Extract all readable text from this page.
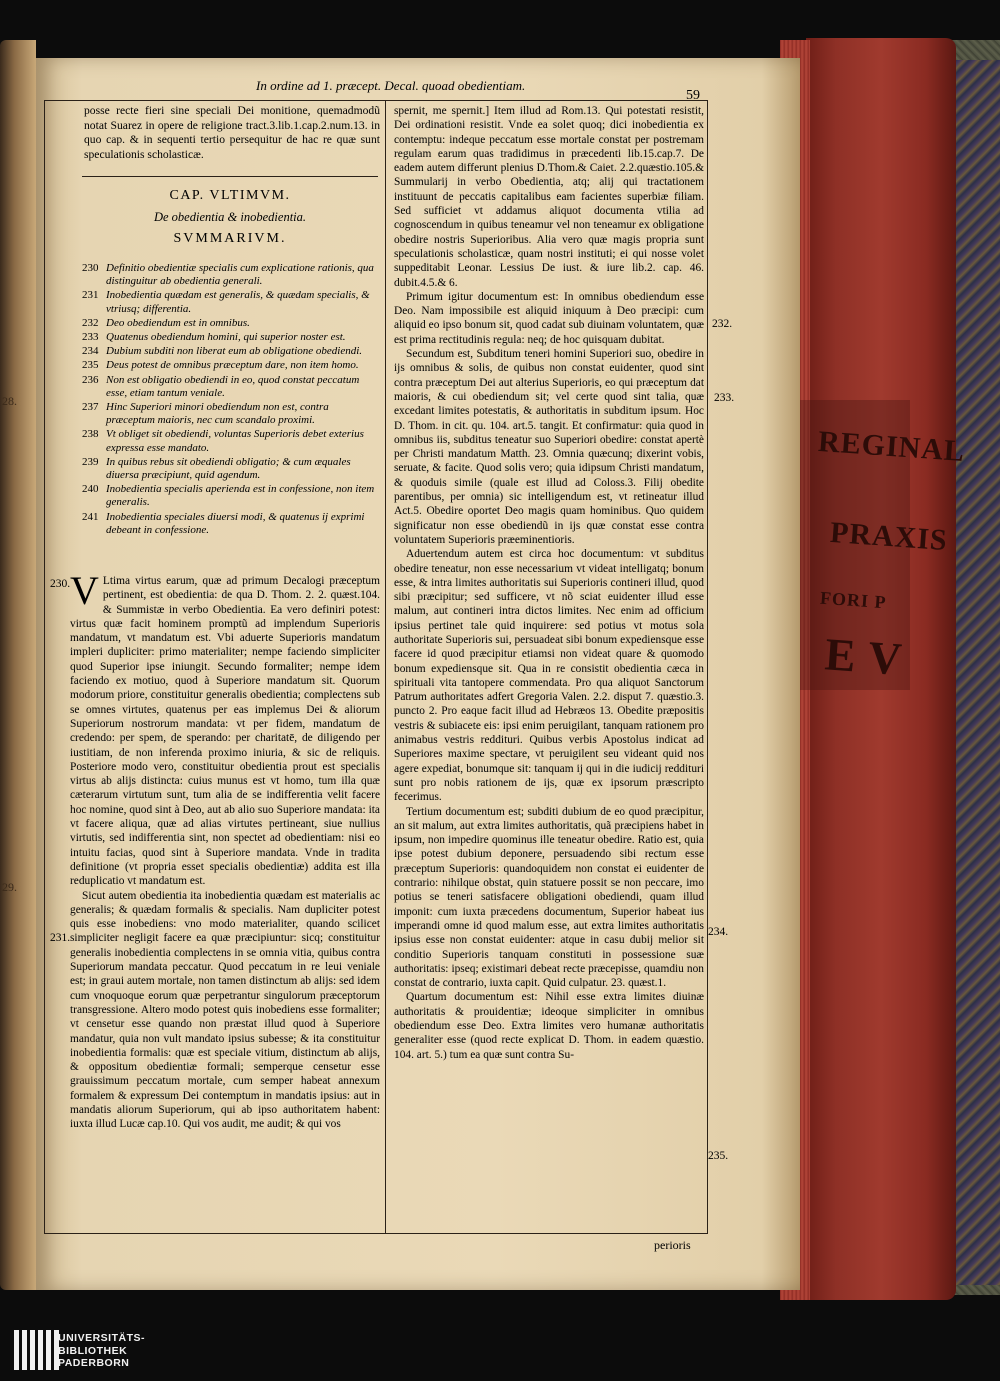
28.
29.
REGINAL
PRAXIS
FORI P
E V
In ordine ad 1. præcept. Decal. quoad obedientiam.
59

posse recte fieri sine speciali Dei monitione, quemadmodũ notat Suarez in opere de religione tract.3.lib.1.cap.2.num.13. in quo cap. & in sequenti tertio persequitur de hac re quæ sunt speculationis scholasticæ.

CAP. VLTIMVM.
De obedientia & inobedientia.
SVMMARIVM.
230 Definitio obedientiæ specialis cum explicatione rationis, qua distinguitur ab obedientia generali.
231 Inobedientia quædam est generalis, & quædam specialis, & vtriusq; differentia.
232 Deo obediendum est in omnibus.
233 Quatenus obediendum homini, qui superior noster est.
234 Dubium subditi non liberat eum ab obligatione obediendi.
235 Deus potest de omnibus præceptum dare, non item homo.
236 Non est obligatio obediendi in eo, quod constat peccatum esse, etiam tantum veniale.
237 Hinc Superiori minori obediendum non est, contra præceptum maioris, nec cum scandalo proximi.
238 Vt obliget sit obediendi, voluntas Superioris debet exterius expressa esse mandato.
239 In quibus rebus sit obediendi obligatio; & cum æquales diuersa præcipiunt, quid agendum.
240 Inobedientia specialis aperienda est in confessione, non item generalis.
241 Inobedientia speciales diuersi modi, & quatenus ij exprimi debeant in confessione.

V Ltima virtus earum, quæ ad primum Decalogi præceptum pertinent, est obedientia: de qua D. Thom. 2. 2. quæst.104. & Summistæ in verbo Obedientia. Ea vero definiri potest: virtus quæ facit hominem promptũ ad implendum Superioris mandatum, vt mandatum est. Vbi aduerte Superioris mandatum impleri dupliciter: primo materialiter; nempe faciendo simpliciter quod Superior ipse iniungit. Secundo formaliter; nempe idem faciendo ex motiuo, quod à Superiore mandatum sit. Quorum modorum priore, constituitur generalis obedientia; complectens sub se omnes virtutes, quatenus per eas implemus Dei & aliorum Superiorum nostrorum mandata: vt per fidem, mandatum de credendo: per spem, de sperando: per charitatē, de diligendo per iustitiam, de non inferenda proximo iniuria, & sic de reliquis. Posteriore modo vero, constituitur obedientia prout est specialis virtus ab alijs distincta: cuius munus est vt homo, tum illa quæ cæterarum virtutum sunt, tum alia de se indifferentia velit facere hoc nomine, quod sint à Deo, aut ab alio suo Superiore mandata: ita vt facere aliqua, quæ ad alias virtutes pertineant, siue nullius virtutis, sed indifferentia sint, non spectet ad obedientiam: nisi eo intuitu facias, quod sint à Superiore mandata. Vnde in tradita definitione (vt propria esset specialis obedientiæ) addita est illa reduplicatio vt mandatum est.

Sicut autem obedientia ita inobedientia quædam est materialis ac generalis; & quædam formalis & specialis. Nam dupliciter potest quis esse inobediens: vno modo materialiter, quando scilicet simpliciter negligit facere ea quæ præcipiuntur: sicq; constituitur generalis inobedientia complectens in se omnia vitia, quibus contra Superiorum mandata peccatur. Quod peccatum in re leui veniale est; in graui autem mortale, non tamen distinctum ab alijs: sed idem cum vnoquoque eorum quæ perpetrantur singulorum præceptorum transgressione. Altero modo potest quis inobediens esse formaliter; vt censetur esse quando non præstat illud quod à Superiore mandatur, quia non vult mandato ipsius subesse; & ita constituitur inobedientia formalis: quæ est speciale vitium, distinctum ab alijs, & oppositum obedientiæ formali; semperque censetur esse grauissimum peccatum mortale, cum semper habeat annexum formalem & expressum Dei contemptum in mandatis ipsius: aut in mandatis aliorum Superiorum, qui ab ipso authoritatem habent: iuxta illud Lucæ cap.10. Qui vos audit, me audit; & qui vos

230.
231.

spernit, me spernit.] Item illud ad Rom.13. Qui potestati resistit, Dei ordinationi resistit. Vnde ea solet quoq; dici inobedientia ex contemptu: indeque peccatum esse mortale constat per postremam regulam earum quas tradidimus in præcedenti lib.15.cap.7. De eadem autem differunt plenius D.Thom.& Caiet. 2.2.quæstio.105.& Summularij in verbo Obedientia, atq; alij qui tractationem instituunt de peccatis capitalibus eam facientes superbiæ filiam. Sed sufficiet vt addamus aliquot documenta vtilia ad cognoscendum in quibus teneamur vel non teneamur ex obligatione obedire nostris Superioribus. Alia vero quæ magis propria sunt speculationis scholasticæ, quam nostri instituti; ei qui nosse volet suppeditabit Leonar. Lessius De iust. & iure lib.2. cap. 46. dubit.4.5.& 6.

Primum igitur documentum est: In omnibus obediendum esse Deo. Nam impossibile est aliquid iniquum à Deo præcipi: cum aliquid eo ipso bonum sit, quod cadat sub diuinam voluntatem, quæ est prima rectitudinis regula: neq; de hoc quisquam dubitat.

Secundum est, Subditum teneri homini Superiori suo, obedire in ijs omnibus & solis, de quibus non constat euidenter, quod sint contra præceptum Dei aut alterius Superioris, eo qui præceptum dat maioris, & cui obediendum sit; vel certe quod sint talia, quæ excedant limites potestatis, & authoritatis in subditum ipsum. Hoc D. Thom. in cit. qu. 104. art.5. tangit. Et confirmatur: quia quod in omnibus iis, subditus teneatur suo Superiori obedire: constat apertè per Christi mandatum Matth. 23. Omnia quæcunq; dixerint vobis, seruate, & facite. Quod solis vero; quia idipsum Christi mandatum, & quoduis simile (quale est illud ad Coloss.3. Filij obedite parentibus, per omnia) sic intelligendum est, vt retineatur illud Act.5. Obedire oportet Deo magis quam hominibus. Quo quidem significatur non esse obediendũ in ijs quæ constat esse contra voluntatem Superioris præeminentioris.

Aduertendum autem est circa hoc documentum: vt subditus obedire teneatur, non esse necessarium vt videat intelligatq; bonum esse, & intra limites authoritatis sui Superioris contineri illud, quod sibi præcipitur; sed sufficere, vt nõ sciat euidenter illud esse malum, aut contineri intra dictos limites. Nec enim ad officium ipsius pertinet tale quid inquirere: sed potius vt motus sola authoritate Superioris sui, persuadeat sibi bonum expediensque esse facere id quod præcipitur etiamsi non videat quare & quomodo bonum expediensque sit. Qua in re consistit obedientia cæca in spirituali vita tantopere commendata. Pro qua aliquot Sanctorum Patrum authoritates adfert Gregoria Valen. 2.2. disput 7. quæstio.3. puncto 2. Pro eaque facit illud ad Hebræos 13. Obedite præpositis vestris & subiacete eis: ipsi enim peruigilant, tanquam rationem pro animabus vestris reddituri. Quibus verbis Apostolus indicat ad Superiores maxime spectare, vt peruigilent seu videant quid nos agere expediat, bonumque sit: tanquam ij qui in die iudicij reddituri sunt pro nobis rationem de ijs, quæ ex ipsorum præscripto fecerimus.

Tertium documentum est; subditi dubium de eo quod præcipitur, an sit malum, aut extra limites authoritatis, quã præcipiens habet in ipsum, non impedire quominus ille teneatur obedire. Ratio est, quia ipse potest dubium deponere, persuadendo sibi rectum esse præceptum Superioris: quandoquidem non constat ei euidenter de contrario: nihilque obstat, quin statuere possit se non peccare, imo potius se teneri satisfacere obligationi obediendi, quam illud imponit: cum iuxta præcedens documentum, Superior habeat ius imperandi omne id quod malum esse, aut extra limites authoritatis ipsius esse non constat euidenter: atque in casu dubij melior sit conditio Superioris tanquam constituti in possessione suæ authoritatis: ipseq; existimari debeat recte præcepisse, quamdiu non constat de contrario, iuxta capit. Quid culpatur. 23. quæst.1.

Quartum documentum est: Nihil esse extra limites diuinæ authoritatis & prouidentiæ; ideoque simpliciter in omnibus obediendum esse Deo. Extra limites vero humanæ authoritatis generaliter esse (quod recte explicat D. Thom. in eadem quæstio. 104. art. 5.) tum ea quæ sunt contra Su-

232.
233.
234.
235.
perioris
UNIVERSITÄTS-
BIBLIOTHEK
PADERBORN
